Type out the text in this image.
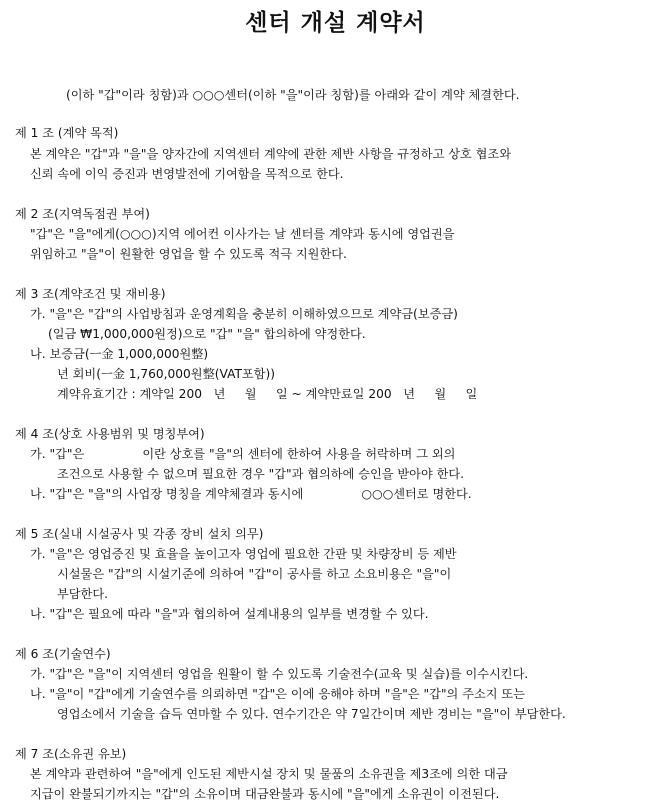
센터 개설 계약서
(이하 "갑"이라 칭함)과 ○○○센터(이하 "을"이라 칭함)를 아래와 같이 계약 체결한다.
제 1 조 (계약 목적)
본 계약은 "갑"과 "을"을 양자간에 지역센터 계약에 관한 제반 사항을 규정하고 상호 협조와
신뢰 속에 이익 증진과 변영발전에 기여함을 목적으로 한다.
제 2 조(지역독점권 부여)
"갑"은 "을"에게(○○○)지역 에어컨 이사가는 날 센터를 계약과 동시에 영업권을
위임하고 "을"이 원활한 영업을 할 수 있도록 적극 지원한다.
제 3 조(계약조건 및 재비용)
가. "을"은 "갑"의 사업방침과 운영계획을 충분히 이해하였으므로 계약금(보증금)
(일금 ₩1,000,000원정)으로 "갑" "을" 합의하에 약정한다.
나. 보증금(ㅡ金 1,000,000원整)
년 회비(ㅡ金 1,760,000원整(VAT포함))
계약유효기간 : 계약일 200   년     월     일 ~ 계약만료일 200   년     월     일
제 4 조(상호 사용범위 및 명칭부여)
가. "갑"은               이란 상호를 "을"의 센터에 한하여 사용을 허락하며 그 외의
조건으로 사용할 수 없으며 필요한 경우 "갑"과 협의하에 승인을 받아야 한다.
나. "갑"은 "을"의 사업장 명칭을 계약체결과 동시에               ○○○센터로 명한다.
제 5 조(실내 시설공사 및 각종 장비 설치 의무)
가. "을"은 영업증진 및 효율을 높이고자 영업에 필요한 간판 및 차량장비 등 제반
시설물은 "갑"의 시설기준에 의하여 "갑"이 공사를 하고 소요비용은 "을"이
부담한다.
나. "갑"은 필요에 따라 "을"과 협의하여 설계내용의 일부를 변경할 수 있다.
제 6 조(기술연수)
가. "갑"은 "을"이 지역센터 영업을 원활이 할 수 있도록 기술전수(교육 및 실습)를 이수시킨다.
나. "을"이 "갑"에게 기술연수를 의뢰하면 "갑"은 이에 응해야 하며 "을"은 "갑"의 주소지 또는
영업소에서 기술을 습득 연마할 수 있다. 연수기간은 약 7일간이며 제반 경비는 "을"이 부담한다.
제 7 조(소유권 유보)
본 계약과 관련하여 "을"에게 인도된 제반시설 장치 및 물품의 소유권을 제3조에 의한 대금
지급이 완불되기까지는 "갑"의 소유이며 대금완불과 동시에 "을"에게 소유권이 이전된다.
